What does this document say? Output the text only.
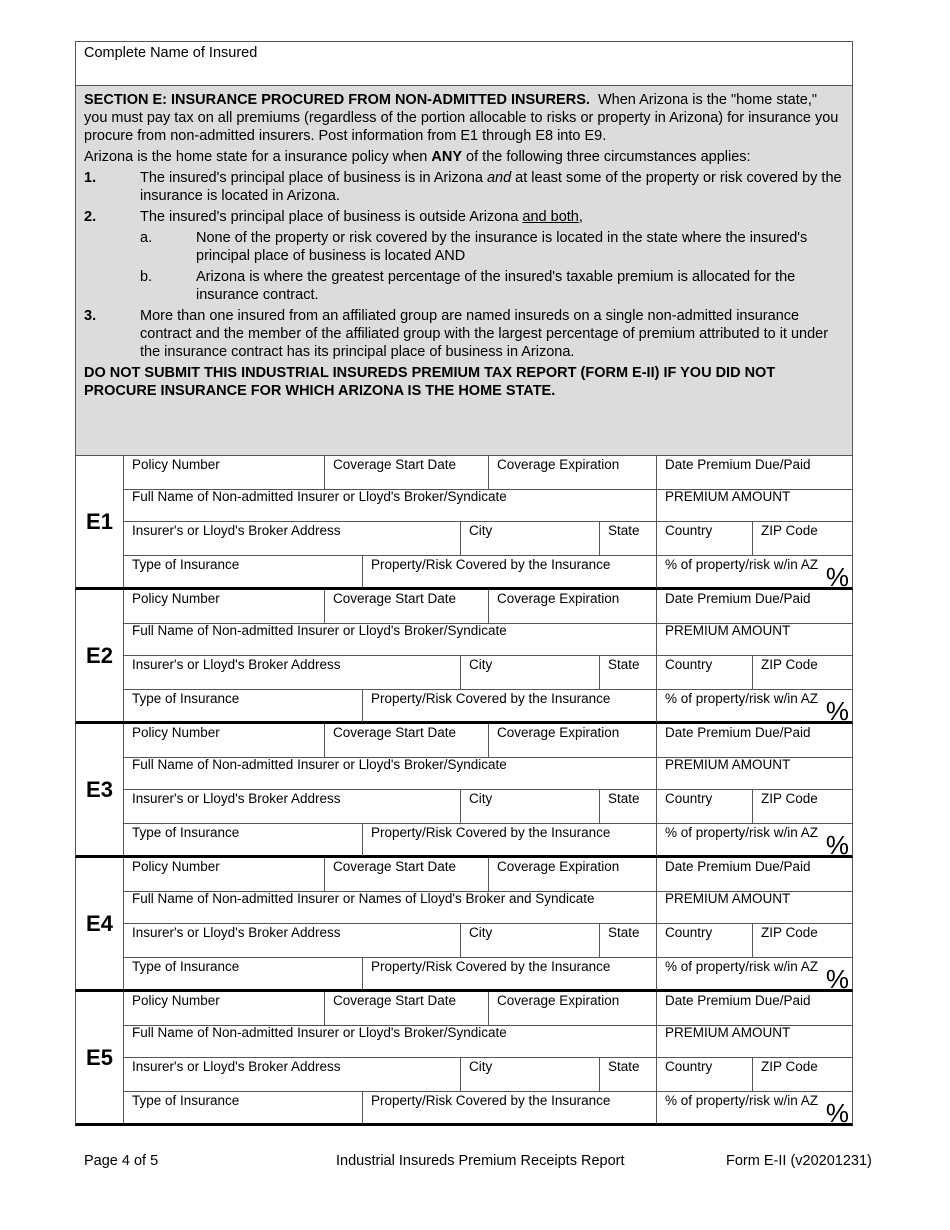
Complete Name of Insured

SECTION E: INSURANCE PROCURED FROM NON-ADMITTED INSURERS. When Arizona is the "home state," you must pay tax on all premiums (regardless of the portion allocable to risks or property in Arizona) for insurance you procure from non-admitted insurers. Post information from E1 through E8 into E9.

Arizona is the home state for a insurance policy when ANY of the following three circumstances applies:

1.	The insured's principal place of business is in Arizona and at least some of the property or risk covered by the insurance is located in Arizona.
2.	The insured's principal place of business is outside Arizona and both,
a.	None of the property or risk covered by the insurance is located in the state where the insured's principal place of business is located AND
b.	Arizona is where the greatest percentage of the insured's taxable premium is allocated for the insurance contract.
3.	More than one insured from an affiliated group are named insureds on a single non-admitted insurance contract and the member of the affiliated group with the largest percentage of premium attributed to it under the insurance contract has its principal place of business in Arizona.

DO NOT SUBMIT THIS INDUSTRIAL INSUREDS PREMIUM TAX REPORT (FORM E-II) IF YOU DID NOT PROCURE INSURANCE FOR WHICH ARIZONA IS THE HOME STATE.

E1
Policy Number	Coverage Start Date	Coverage Expiration	Date Premium Due/Paid
Full Name of Non-admitted Insurer or Lloyd's Broker/Syndicate	PREMIUM AMOUNT
Insurer's or Lloyd's Broker Address	City	State	Country	ZIP Code
Type of Insurance	Property/Risk Covered by the Insurance	% of property/risk w/in AZ %
E2
Policy Number	Coverage Start Date	Coverage Expiration	Date Premium Due/Paid
Full Name of Non-admitted Insurer or Lloyd's Broker/Syndicate	PREMIUM AMOUNT
Insurer's or Lloyd's Broker Address	City	State	Country	ZIP Code
Type of Insurance	Property/Risk Covered by the Insurance	% of property/risk w/in AZ %
E3
Policy Number	Coverage Start Date	Coverage Expiration	Date Premium Due/Paid
Full Name of Non-admitted Insurer or Lloyd's Broker/Syndicate	PREMIUM AMOUNT
Insurer's or Lloyd's Broker Address	City	State	Country	ZIP Code
Type of Insurance	Property/Risk Covered by the Insurance	% of property/risk w/in AZ %
E4
Policy Number	Coverage Start Date	Coverage Expiration	Date Premium Due/Paid
Full Name of Non-admitted Insurer or Names of Lloyd's Broker and Syndicate	PREMIUM AMOUNT
Insurer's or Lloyd's Broker Address	City	State	Country	ZIP Code
Type of Insurance	Property/Risk Covered by the Insurance	% of property/risk w/in AZ %
E5
Policy Number	Coverage Start Date	Coverage Expiration	Date Premium Due/Paid
Full Name of Non-admitted Insurer or Lloyd's Broker/Syndicate	PREMIUM AMOUNT
Insurer's or Lloyd's Broker Address	City	State	Country	ZIP Code
Type of Insurance	Property/Risk Covered by the Insurance	% of property/risk w/in AZ %
Page 4 of 5	Industrial Insureds Premium Receipts Report	Form E-II (v20201231)
